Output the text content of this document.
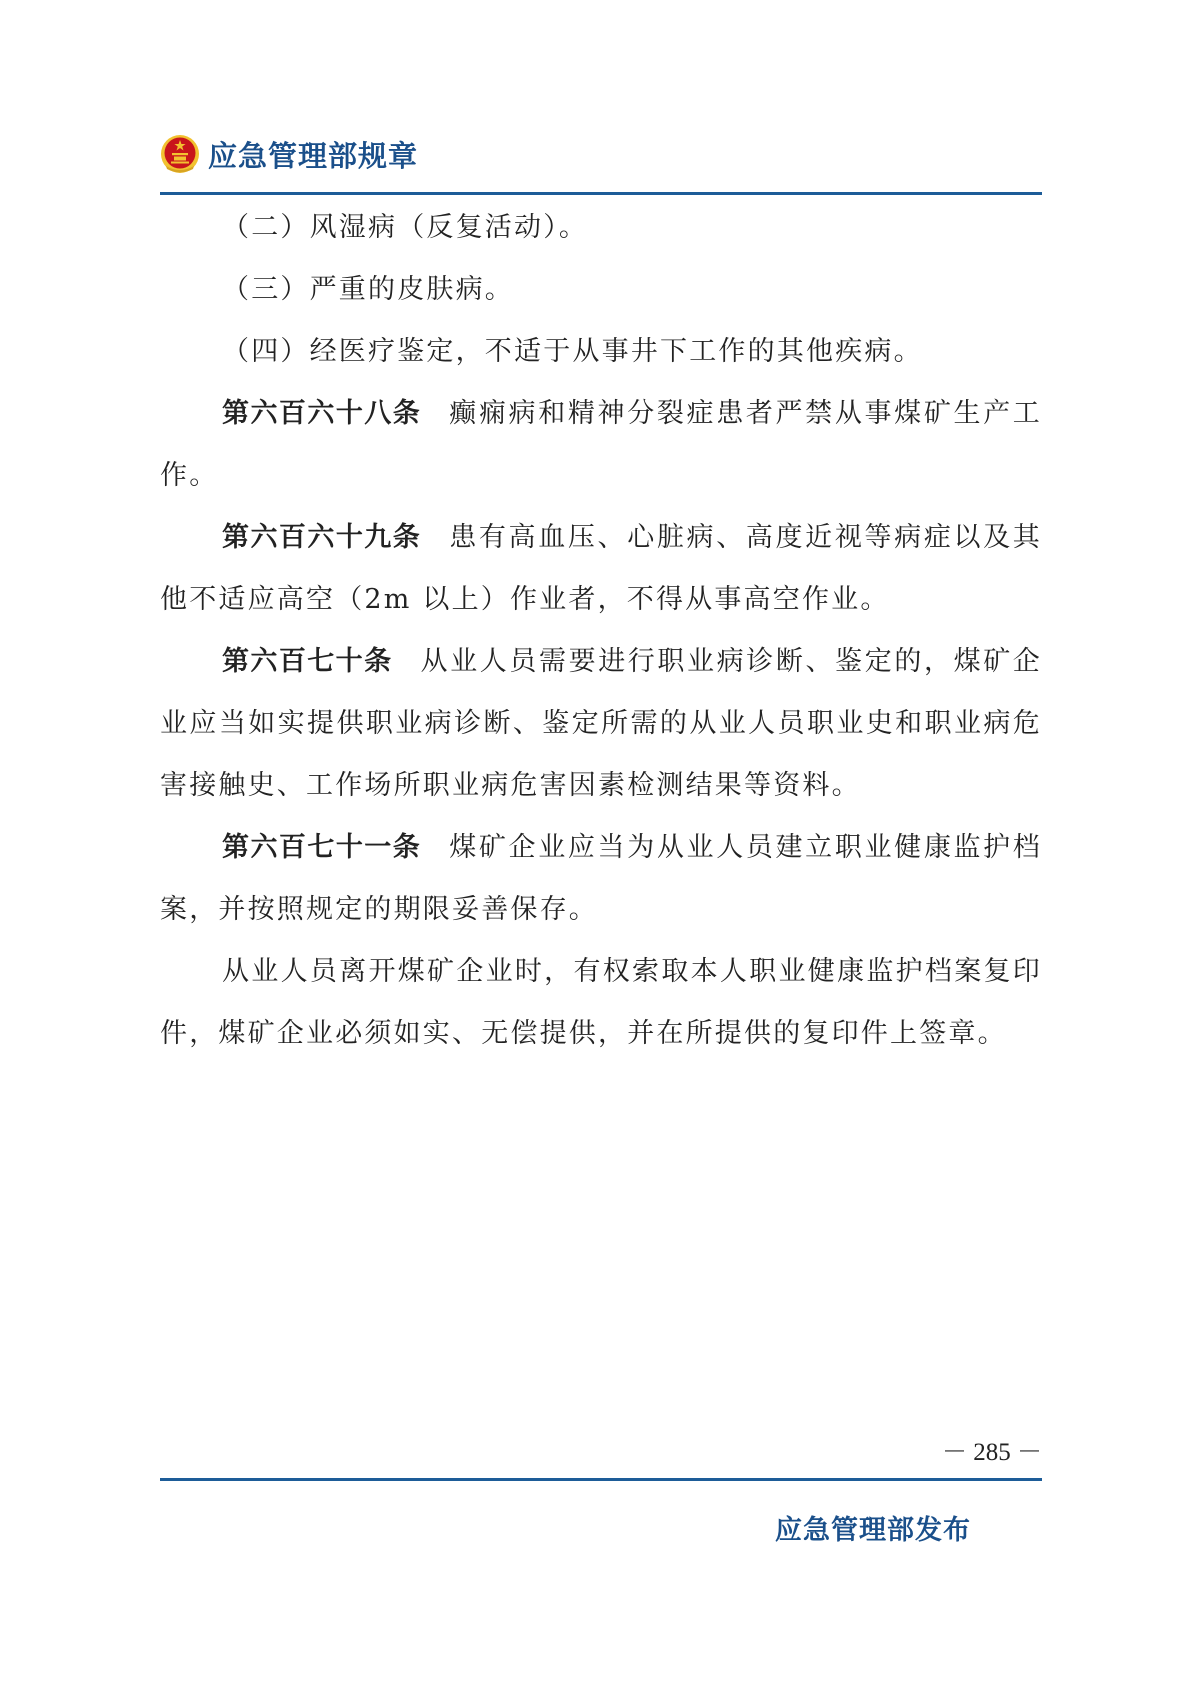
应急管理部规章

（二）风湿病（反复活动）。

（三）严重的皮肤病。

（四）经医疗鉴定，不适于从事井下工作的其他疾病。

第六百六十八条 癫痫病和精神分裂症患者严禁从事煤矿生产工作。

第六百六十九条 患有高血压、心脏病、高度近视等病症以及其他不适应高空（2m 以上）作业者，不得从事高空作业。

第六百七十条 从业人员需要进行职业病诊断、鉴定的，煤矿企业应当如实提供职业病诊断、鉴定所需的从业人员职业史和职业病危害接触史、工作场所职业病危害因素检测结果等资料。

第六百七十一条 煤矿企业应当为从业人员建立职业健康监护档案，并按照规定的期限妥善保存。

从业人员离开煤矿企业时，有权索取本人职业健康监护档案复印件，煤矿企业必须如实、无偿提供，并在所提供的复印件上签章。

－ 285 －
应急管理部发布
